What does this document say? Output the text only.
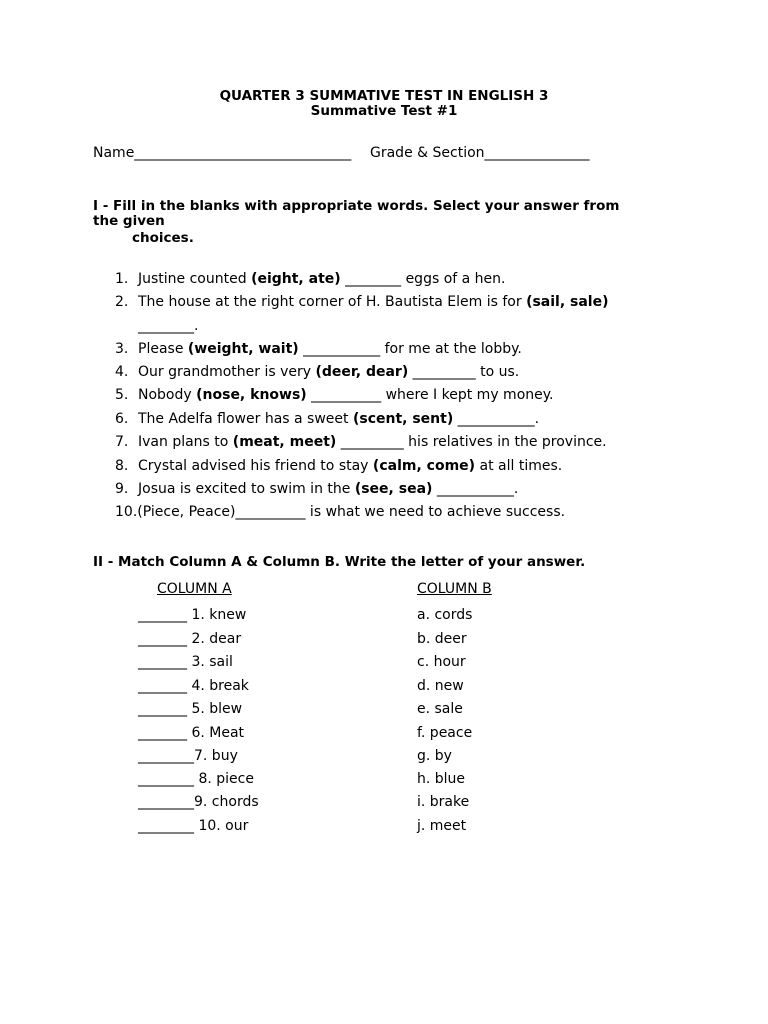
QUARTER 3 SUMMATIVE TEST IN ENGLISH 3
Summative Test #1
Name_______________________________ Grade & Section_______________
I - Fill in the blanks with appropriate words. Select your answer from
the given
choices.
1. Justine counted (eight, ate) ________ eggs of a hen.
2. The house at the right corner of H. Bautista Elem is for (sail, sale)
________.
3. Please (weight, wait) ___________ for me at the lobby.
4. Our grandmother is very (deer, dear) _________ to us.
5. Nobody (nose, knows) __________ where I kept my money.
6. The Adelfa flower has a sweet (scent, sent) ___________.
7. Ivan plans to (meat, meet) _________ his relatives in the province.
8. Crystal advised his friend to stay (calm, come) at all times.
9. Josua is excited to swim in the (see, sea) ___________.
10.(Piece, Peace)__________ is what we need to achieve success.
II - Match Column A & Column B. Write the letter of your answer.
COLUMN A	COLUMN B
_______ 1. knew
_______ 2. dear
_______ 3. sail
_______ 4. break
_______ 5. blew
_______ 6. Meat
________7. buy
________ 8. piece
________9. chords
________ 10. our
a. cords
b. deer
c. hour
d. new
e. sale
f. peace
g. by
h. blue
i. brake
j. meet
